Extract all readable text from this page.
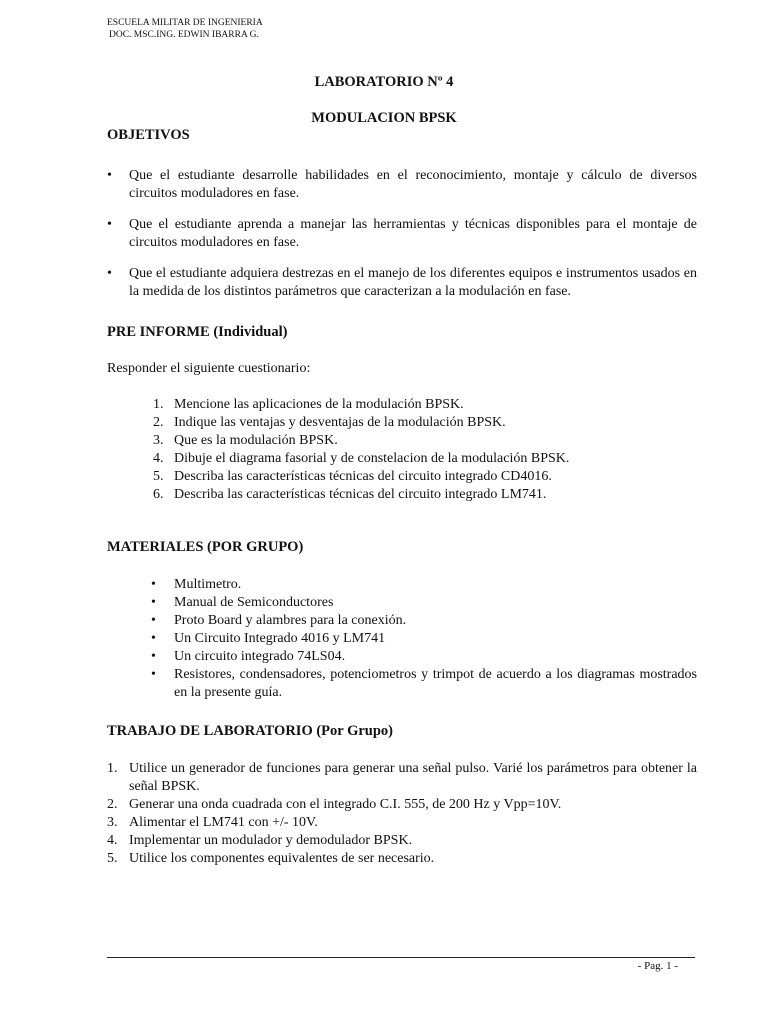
ESCUELA MILITAR DE INGENIERIA
DOC. MSC.ING. EDWIN IBARRA G.
LABORATORIO Nº 4
MODULACION BPSK
OBJETIVOS
• Que el estudiante desarrolle habilidades en el reconocimiento, montaje y cálculo de diversos circuitos moduladores en fase.
• Que el estudiante aprenda a manejar las herramientas y técnicas disponibles para el montaje de circuitos moduladores en fase.
• Que el estudiante adquiera destrezas en el manejo de los diferentes equipos e instrumentos usados en la medida de los distintos parámetros que caracterizan a la modulación en fase.
PRE INFORME (Individual)
Responder el siguiente cuestionario:
1. Mencione las aplicaciones de la modulación BPSK.
2. Indique las ventajas y desventajas de la modulación BPSK.
3. Que es la modulación BPSK.
4. Dibuje el diagrama fasorial y de constelacion de la modulación BPSK.
5. Describa las características técnicas del circuito integrado CD4016.
6. Describa las características técnicas del circuito integrado LM741.
MATERIALES (POR GRUPO)
• Multimetro.
• Manual de Semiconductores
• Proto Board y alambres para la conexión.
• Un Circuito Integrado 4016 y LM741
• Un circuito integrado 74LS04.
• Resistores, condensadores, potenciometros y trimpot de acuerdo a los diagramas mostrados en la presente guía.
TRABAJO DE LABORATORIO (Por Grupo)
1. Utilice un generador de funciones para generar una señal pulso. Varié los parámetros para obtener la señal BPSK.
2. Generar una onda cuadrada con el integrado C.I. 555, de 200 Hz y Vpp=10V.
3. Alimentar el LM741 con +/- 10V.
4. Implementar un modulador y demodulador BPSK.
5. Utilice los componentes equivalentes de ser necesario.
- Pag. 1 -
